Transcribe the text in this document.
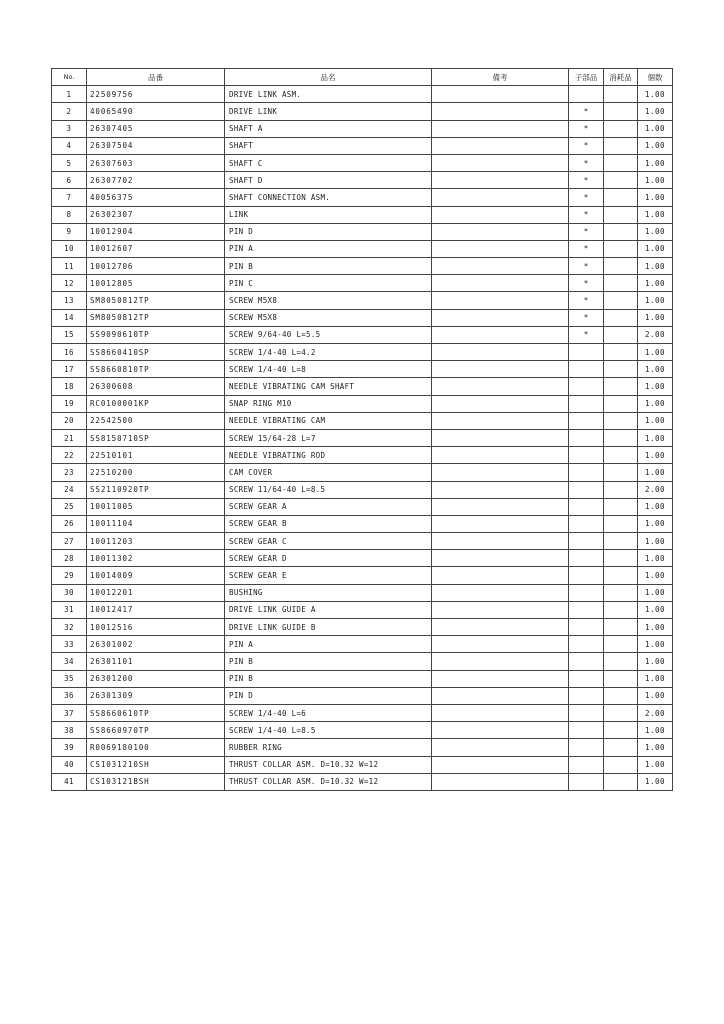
No.	品番	品名	備考	子部品	消耗品	個数
1	22509756	DRIVE LINK ASM.				1.00
2	40065490	DRIVE LINK		*		1.00
3	26307405	SHAFT A		*		1.00
4	26307504	SHAFT		*		1.00
5	26307603	SHAFT C		*		1.00
6	26307702	SHAFT D		*		1.00
7	40056375	SHAFT CONNECTION ASM.		*		1.00
8	26302307	LINK		*		1.00
9	10012904	PIN D		*		1.00
10	10012607	PIN A		*		1.00
11	10012706	PIN B		*		1.00
12	10012805	PIN C		*		1.00
13	SM8050812TP	SCREW M5X8		*		1.00
14	SM8050812TP	SCREW M5X8		*		1.00
15	SS9090610TP	SCREW 9/64-40 L=5.5		*		2.00
16	SS8660410SP	SCREW 1/4-40 L=4.2				1.00
17	SS8660810TP	SCREW 1/4-40 L=8				1.00
18	26300608	NEEDLE VIBRATING CAM SHAFT				1.00
19	RC0100001KP	SNAP RING M10				1.00
20	22542500	NEEDLE VIBRATING CAM				1.00
21	SS8150710SP	SCREW 15/64-28 L=7				1.00
22	22510101	NEEDLE VIBRATING ROD				1.00
23	22510200	CAM COVER				1.00
24	SS2110920TP	SCREW 11/64-40 L=8.5				2.00
25	10011005	SCREW GEAR A				1.00
26	10011104	SCREW GEAR B				1.00
27	10011203	SCREW GEAR C				1.00
28	10011302	SCREW GEAR D				1.00
29	10014009	SCREW GEAR E				1.00
30	10012201	BUSHING				1.00
31	10012417	DRIVE LINK GUIDE A				1.00
32	10012516	DRIVE LINK GUIDE B				1.00
33	26301002	PIN A				1.00
34	26301101	PIN B				1.00
35	26301200	PIN B				1.00
36	26301309	PIN D				1.00
37	SS8660610TP	SCREW 1/4-40 L=6				2.00
38	SS8660970TP	SCREW 1/4-40 L=8.5				1.00
39	R0069180100	RUBBER RING				1.00
40	CS1031210SH	THRUST COLLAR ASM. D=10.32 W=12				1.00
41	CS103121BSH	THRUST COLLAR ASM. D=10.32 W=12				1.00
